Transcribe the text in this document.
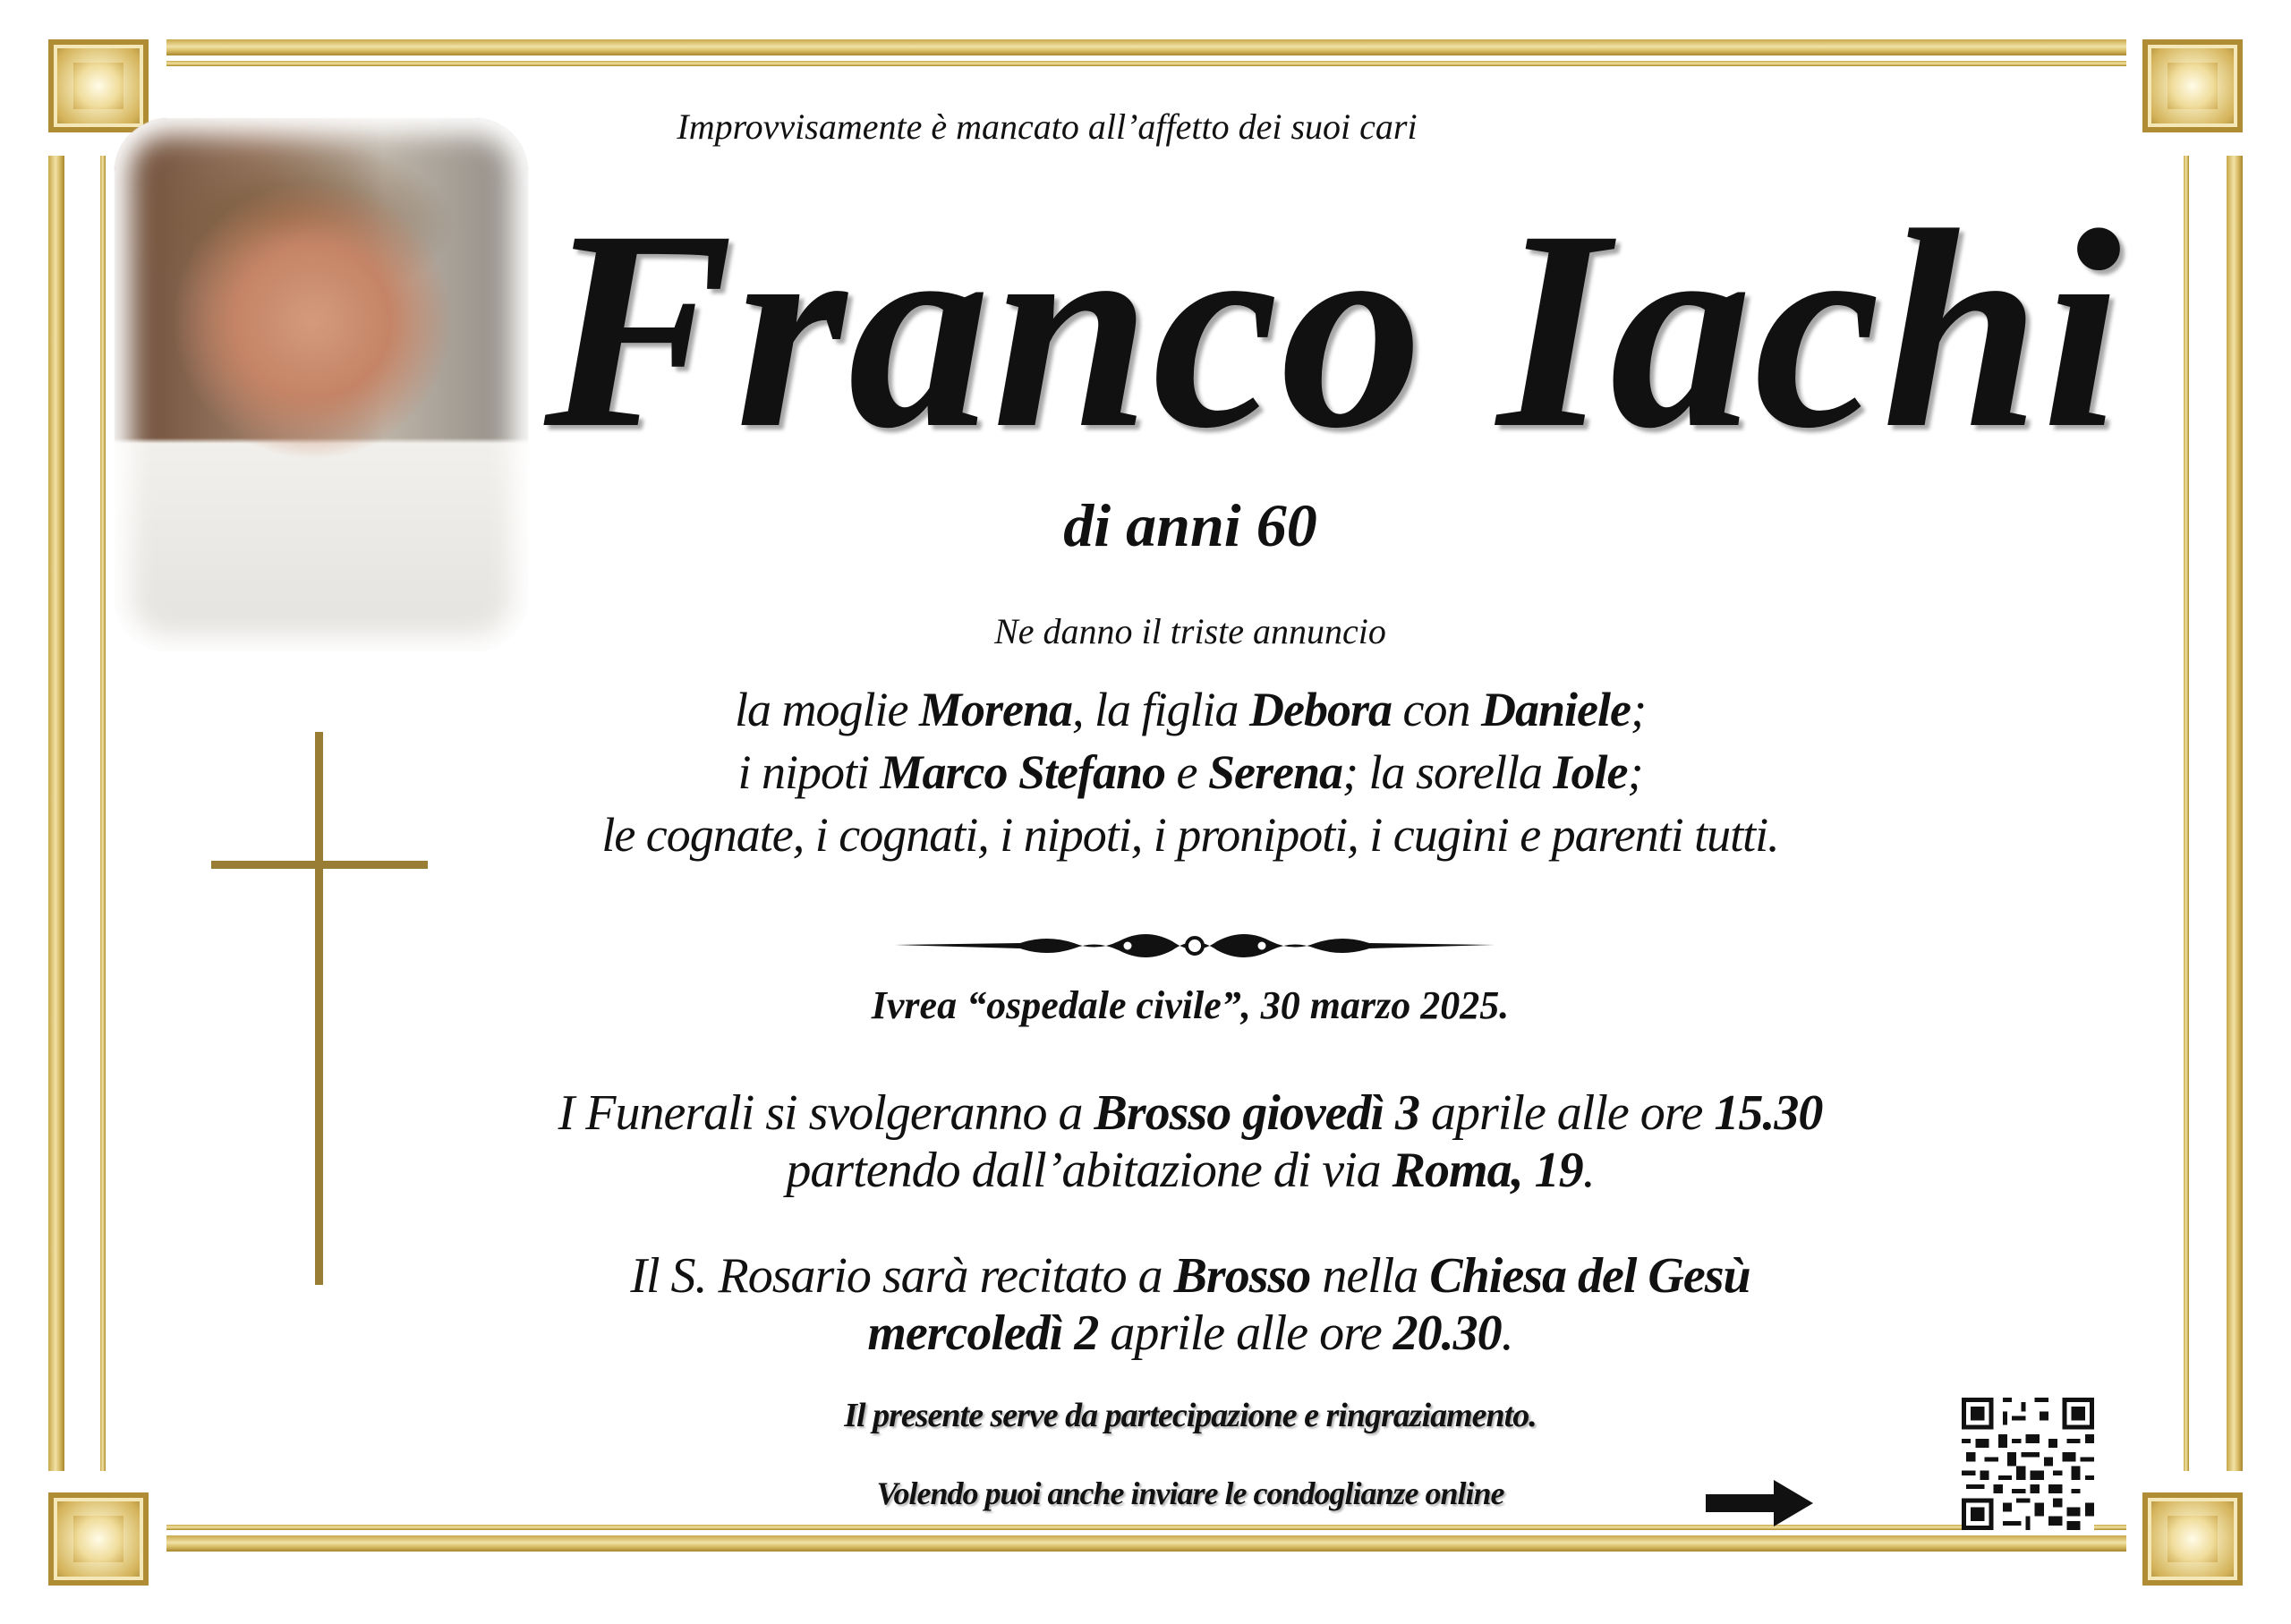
Improvvisamente è mancato all’affetto dei suoi cari
Franco Iachi
di anni 60
Ne danno il triste annuncio
la moglie Morena, la figlia Debora con Daniele;
i nipoti Marco Stefano e Serena; la sorella Iole;
le cognate, i cognati, i nipoti, i pronipoti, i cugini e parenti tutti.
Ivrea “ospedale civile”, 30 marzo 2025.
I Funerali si svolgeranno a Brosso giovedì 3 aprile alle ore 15.30
partendo dall’abitazione di via Roma, 19.
Il S. Rosario sarà recitato a Brosso nella Chiesa del Gesù
mercoledì 2 aprile alle ore 20.30.
Il presente serve da partecipazione e ringraziamento.
Volendo puoi anche inviare le condoglianze online
